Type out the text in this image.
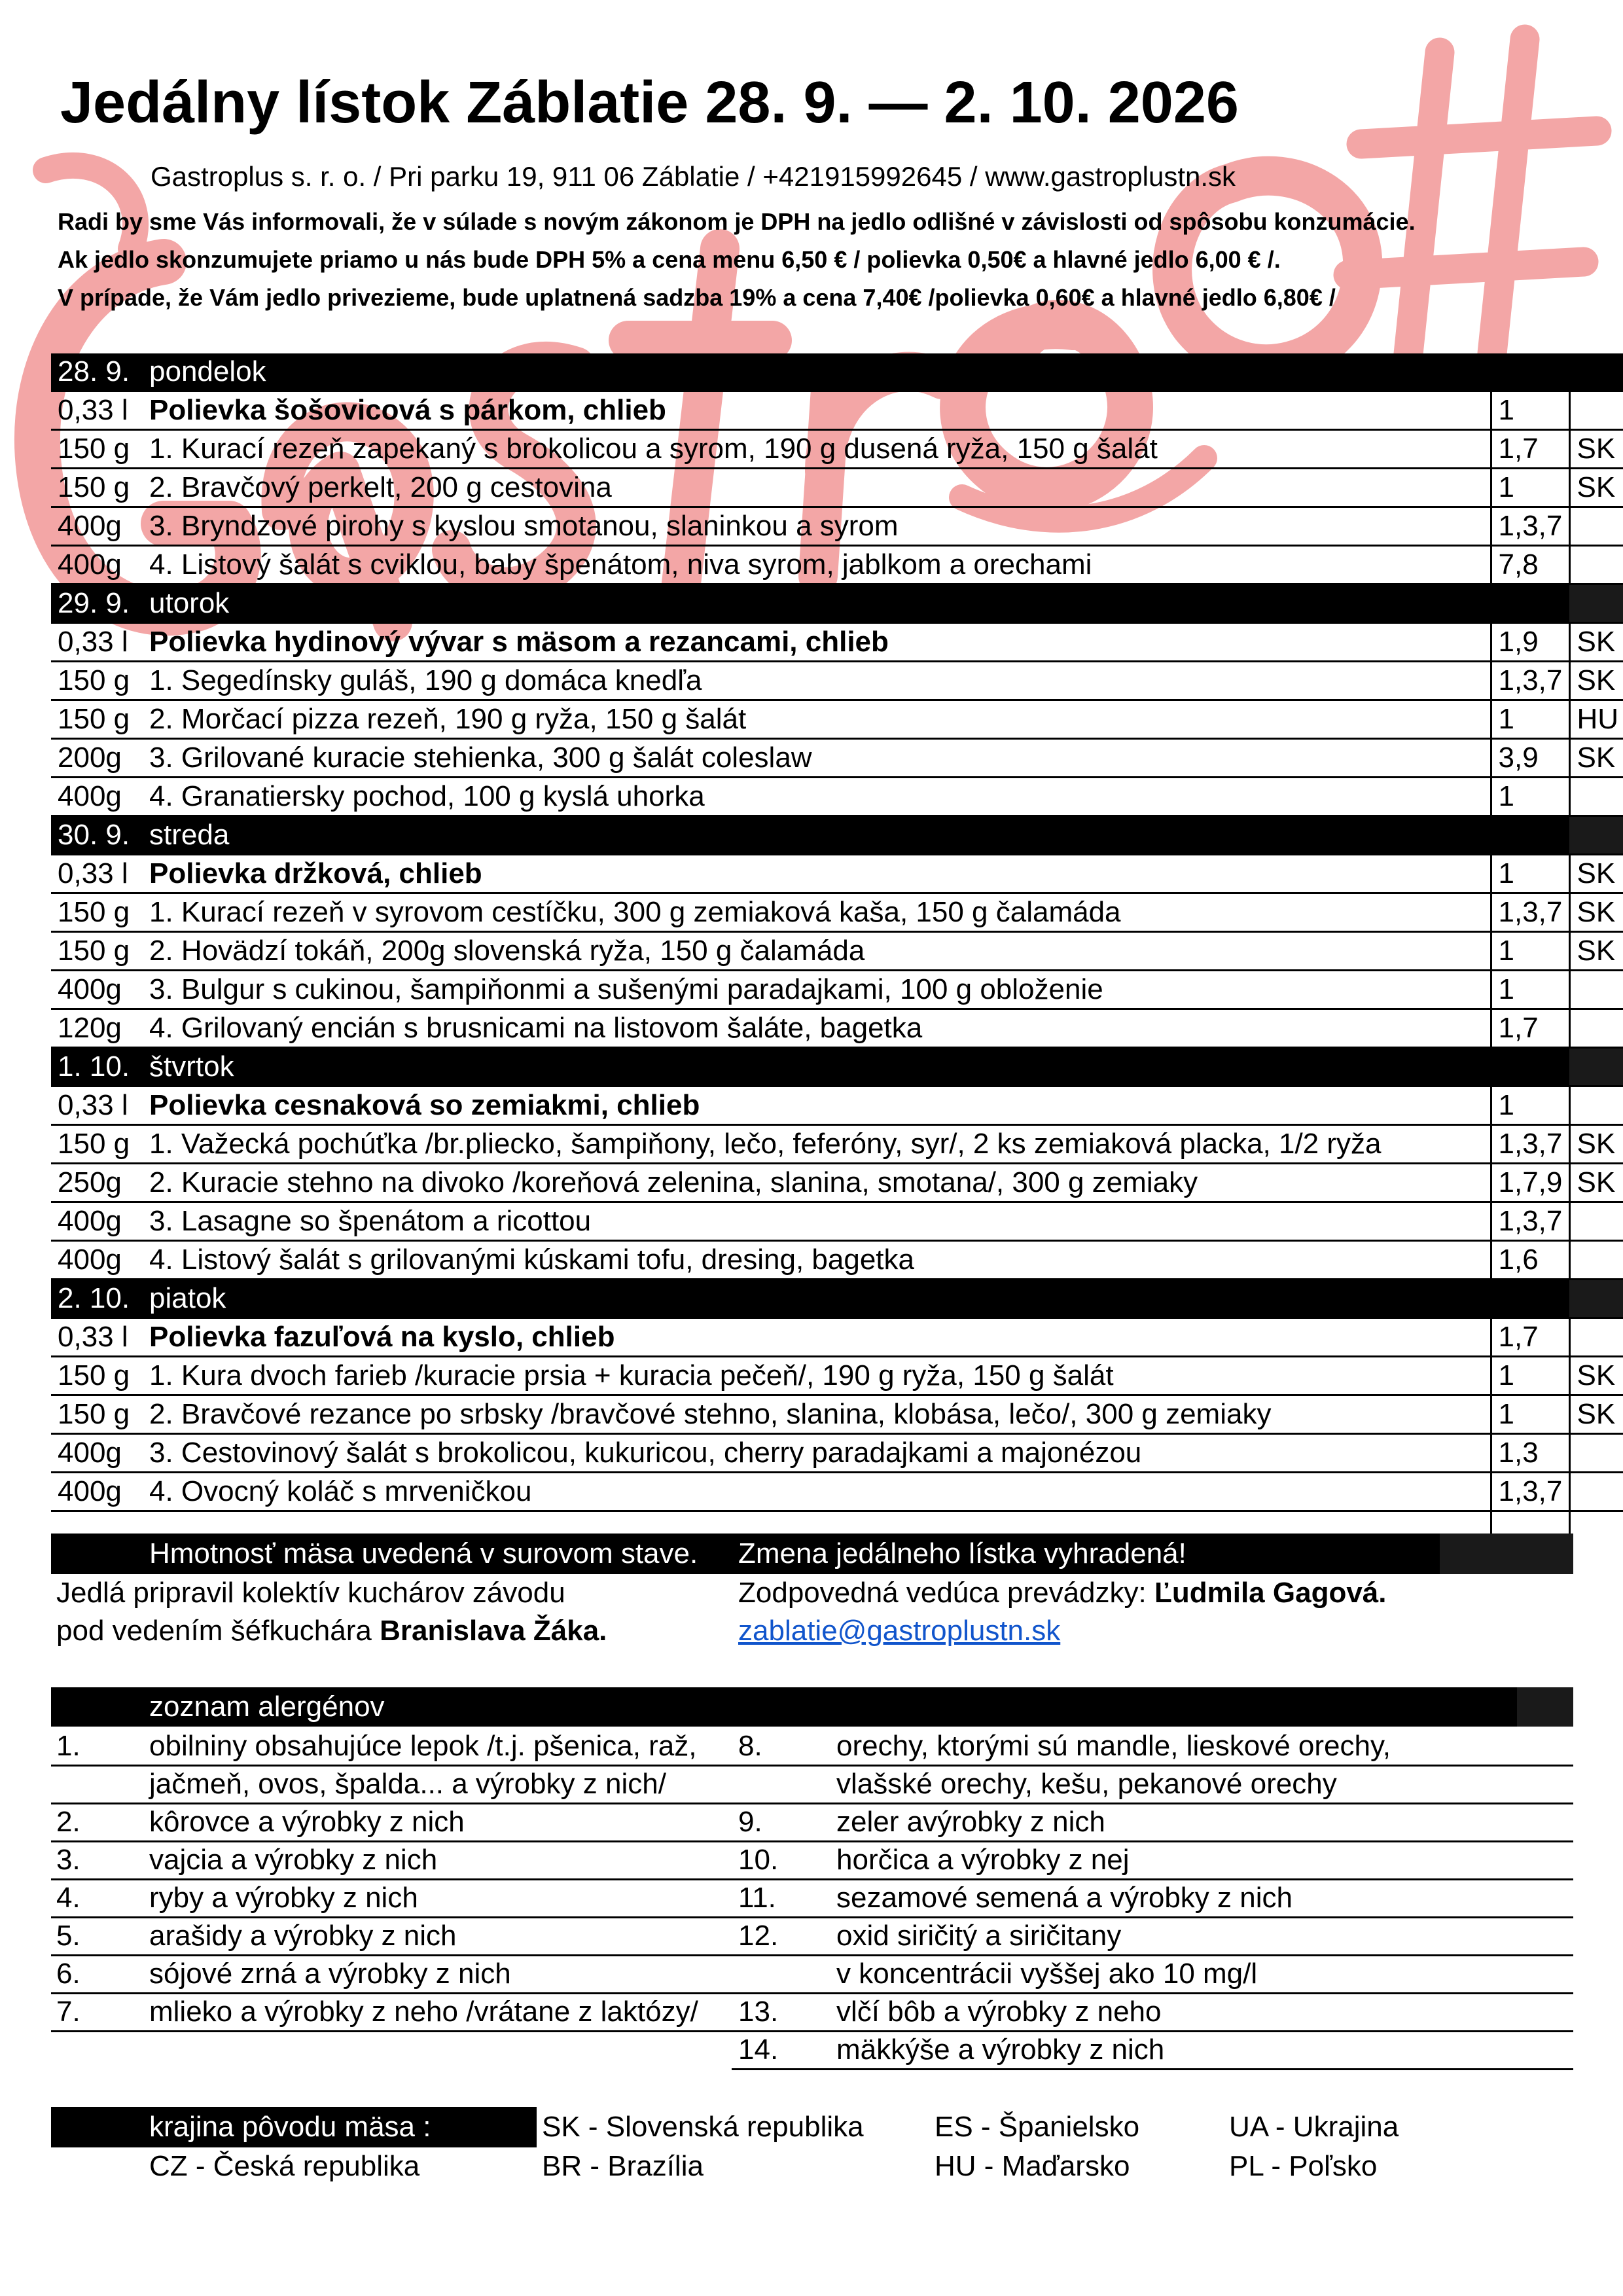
Jedálny lístok Záblatie 28. 9. — 2. 10. 2026
Gastroplus s. r. o. / Pri parku 19, 911 06 Záblatie / +421915992645 / www.gastroplustn.sk
Radi by sme Vás informovali, že v súlade s novým zákonom je DPH na jedlo odlišné v závislosti od spôsobu konzumácie.
Ak jedlo skonzumujete priamo u nás bude DPH 5% a cena menu 6,50 € / polievka 0,50€ a hlavné jedlo 6,00 € /.
V prípade, že Vám jedlo privezieme, bude uplatnená sadzba 19% a cena 7,40€ /polievka 0,60€ a hlavné jedlo 6,80€ /
28. 9.	pondelok		
0,33 l	Polievka šošovicová s párkom, chlieb	1	
150 g	1. Kurací rezeň zapekaný s brokolicou a syrom, 190 g dusená ryža, 150 g šalát	1,7	SK
150 g	2. Bravčový perkelt, 200 g cestovina	1	SK
400g	3. Bryndzové pirohy s kyslou smotanou, slaninkou a syrom	1,3,7	
400g	4. Listový šalát s cviklou, baby špenátom, niva syrom, jablkom a orechami	7,8	
29. 9.	utorok		
0,33 l	Polievka hydinový vývar s mäsom a rezancami, chlieb	1,9	SK
150 g	1. Segedínsky guláš, 190 g domáca knedľa	1,3,7	SK
150 g	2. Morčací pizza rezeň, 190 g ryža, 150 g šalát	1	HU
200g	3. Grilované kuracie stehienka, 300 g šalát coleslaw	3,9	SK
400g	4. Granatiersky pochod, 100 g kyslá uhorka	1	
30. 9.	streda		
0,33 l	Polievka držková, chlieb	1	SK
150 g	1. Kurací rezeň v syrovom cestíčku, 300 g zemiaková kaša, 150 g čalamáda	1,3,7	SK
150 g	2. Hovädzí tokáň, 200g slovenská ryža, 150 g čalamáda	1	SK
400g	3. Bulgur s cukinou, šampiňonmi a sušenými paradajkami, 100 g obloženie	1	
120g	4. Grilovaný encián s brusnicami na listovom šaláte, bagetka	1,7	
1. 10.	štvrtok		
0,33 l	Polievka cesnaková so zemiakmi, chlieb	1	
150 g	1. Važecká pochúťka /br.pliecko, šampiňony, lečo, feferóny, syr/, 2 ks zemiaková placka, 1/2 ryža	1,3,7	SK
250g	2. Kuracie stehno na divoko /koreňová zelenina, slanina, smotana/, 300 g zemiaky	1,7,9	SK
400g	3. Lasagne so špenátom a ricottou	1,3,7	
400g	4. Listový šalát s grilovanými kúskami tofu, dresing, bagetka	1,6	
2. 10.	piatok		
0,33 l	Polievka fazuľová na kyslo, chlieb	1,7	
150 g	1. Kura dvoch farieb /kuracie prsia + kuracia pečeň/, 190 g ryža, 150 g šalát	1	SK
150 g	2. Bravčové rezance po srbsky /bravčové stehno, slanina, klobása, lečo/, 300 g zemiaky	1	SK
400g	3. Cestovinový šalát s brokolicou, kukuricou, cherry paradajkami a majonézou	1,3	
400g	4. Ovocný koláč s mrveničkou	1,3,7	

Hmotnosť mäsa uvedená v surovom stave. Zmena jedálneho lístka vyhradená!
Jedlá pripravil kolektív kuchárov závodu
pod vedením šéfkuchára Branislava Žáka.
Zodpovedná vedúca prevádzky: Ľudmila Gagová.
zablatie@gastroplustn.sk
zoznam alergénov
1. obilniny obsahujúce lepok /t.j. pšenica, raž,
jačmeň, ovos, špalda... a výrobky z nich/
2. kôrovce a výrobky z nich
3. vajcia a výrobky z nich
4. ryby a výrobky z nich
5. arašidy a výrobky z nich
6. sójové zrná a výrobky z nich
7. mlieko a výrobky z neho /vrátane z laktózy/
8.	orechy, ktorými sú mandle, lieskové orechy,
vlašské orechy, kešu, pekanové orechy
9.	zeler avýrobky z nich
10. horčica a výrobky z nej
11. sezamové semená a výrobky z nich
12. oxid siričitý a siričitany
v koncentrácii vyššej ako 10 mg/l
13. vlčí bôb a výrobky z neho
14. mäkkýše a výrobky z nich
krajina pôvodu mäsa :	SK - Slovenská republika ES - Španielsko	UA - Ukrajina
CZ - Česká republika	BR - Brazília	HU - Maďarsko	PL - Poľsko
